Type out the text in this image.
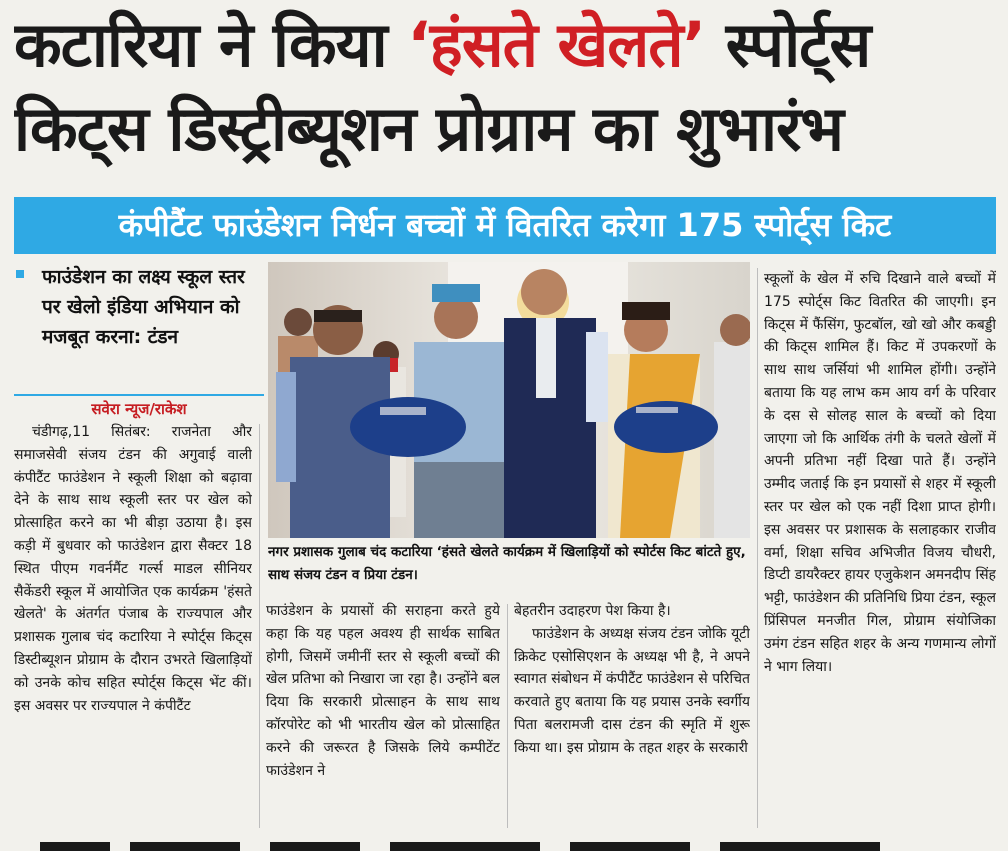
कटारिया ने किया ‘हंसते खेलते’ स्पोर्ट्स
किट्स डिस्ट्रीब्यूशन प्रोग्राम का शुभारंभ
कंपीटैंट फाउंडेशन निर्धन बच्चों में वितरित करेगा 175 स्पोर्ट्स किट
फाउंडेशन का लक्ष्य स्कूल स्तर पर खेलो इंडिया अभियान को मजबूत करना: टंडन
सवेरा न्यूज/राकेश
चंडीगढ़,11 सितंबर: राजनेता और समाजसेवी संजय टंडन की अगुवाई वाली कंपीटैंट फाउंडेशन ने स्कूली शिक्षा को बढ़ावा देने के साथ साथ स्कूली स्तर पर खेल को प्रोत्साहित करने का भी बीड़ा उठाया है। इस कड़ी में बुधवार को फाउंडेशन द्वारा सैक्टर 18 स्थित पीएम गवर्नमैंट गर्ल्स माडल सीनियर सैकेंडरी स्कूल में आयोजित एक कार्यक्रम 'हंसते खेलते' के अंतर्गत पंजाब के राज्यपाल और प्रशासक गुलाब चंद कटारिया ने स्पोर्ट्स किट्स डिस्टीब्यूशन प्रोग्राम के दौरान उभरते खिलाड़ियों को उनके कोच सहित स्पोर्ट्स किट्स भेंट कीं। इस अवसर पर राज्यपाल ने कंपीटैंट
नगर प्रशासक गुलाब चंद कटारिया ‘हंसते खेलते कार्यक्रम में खिलाड़ियों को स्पोर्टस किट बांटते हुए, साथ संजय टंडन व प्रिया टंडन।
फाउंडेशन के प्रयासों की सराहना करते हुये कहा कि यह पहल अवश्य ही सार्थक साबित होगी, जिसमें जमीनीं स्तर से स्कूली बच्चों की खेल प्रतिभा को निखारा जा रहा है। उन्होंने बल दिया कि सरकारी प्रोत्साहन के साथ साथ कॉरपोरेट को भी भारतीय खेल को प्रोत्साहित करने की जरूरत है जिसके लिये कम्पीटेंट फाउंडेशन ने
बेहतरीन उदाहरण पेश किया है।
फाउंडेशन के अध्यक्ष संजय टंडन जोकि यूटी क्रिकेट एसोसिएशन के अध्यक्ष भी है, ने अपने स्वागत संबोधन में कंपीटैंट फाउंडेशन से परिचित करवाते हुए बताया कि यह प्रयास उनके स्वर्गीय पिता बलरामजी दास टंडन की स्मृति में शुरू किया था। इस प्रोग्राम के तहत शहर के सरकारी
स्कूलों के खेल में रुचि दिखाने वाले बच्चों में 175 स्पोर्ट्स किट वितरित की जाएगी। इन किट्स में फैंसिंग, फुटबॉल, खो खो और कबड्डी की किट्स शामिल हैं। किट में उपकरणों के साथ साथ जर्सियां भी शामिल होंगी। उन्होंने बताया कि यह लाभ कम आय वर्ग के परिवार के दस से सोलह साल के बच्चों को दिया जाएगा जो कि आर्थिक तंगी के चलते खेलों में अपनी प्रतिभा नहीं दिखा पाते हैं। उन्होंने उम्मीद जताई कि इन प्रयासों से शहर में स्कूली स्तर पर खेल को एक नहीं दिशा प्राप्त होगी। इस अवसर पर प्रशासक के सलाहकार राजीव वर्मा, शिक्षा सचिव अभिजीत विजय चौधरी, डिप्टी डायरैक्टर हायर एजुकेशन अमनदीप सिंह भट्टी, फाउंडेशन की प्रतिनिधि प्रिया टंडन, स्कूल प्रिंसिपल मनजीत गिल, प्रोग्राम संयोजिका उमंग टंडन सहित शहर के अन्य गणमान्य लोगों ने भाग लिया।
